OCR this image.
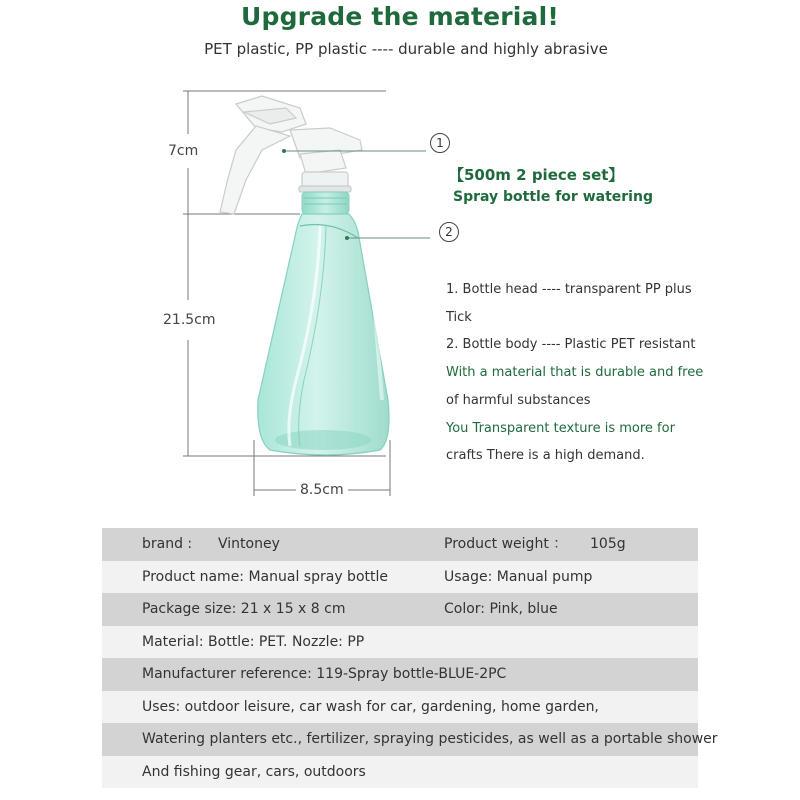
Upgrade the material!
PET plastic, PP plastic ---- durable and highly abrasive
7cm
21.5cm
8.5cm
1
2
【500m 2 piece set】
Spray bottle for watering
1. Bottle head ---- transparent PP plus
Tick
2. Bottle body ---- Plastic PET resistant
With a material that is durable and free
of harmful substances
You Transparent texture is more for
crafts There is a high demand.
brand : Vintoney	Product weight ： 105g
Product name: Manual spray bottle	Usage: Manual pump
Package size: 21 x 15 x 8 cm	Color: Pink, blue
Material: Bottle: PET. Nozzle: PP
Manufacturer reference: 119-Spray bottle-BLUE-2PC
Uses: outdoor leisure, car wash for car, gardening, home garden,
Watering planters etc., fertilizer, spraying pesticides, as well as a portable shower
And fishing gear, cars, outdoors
